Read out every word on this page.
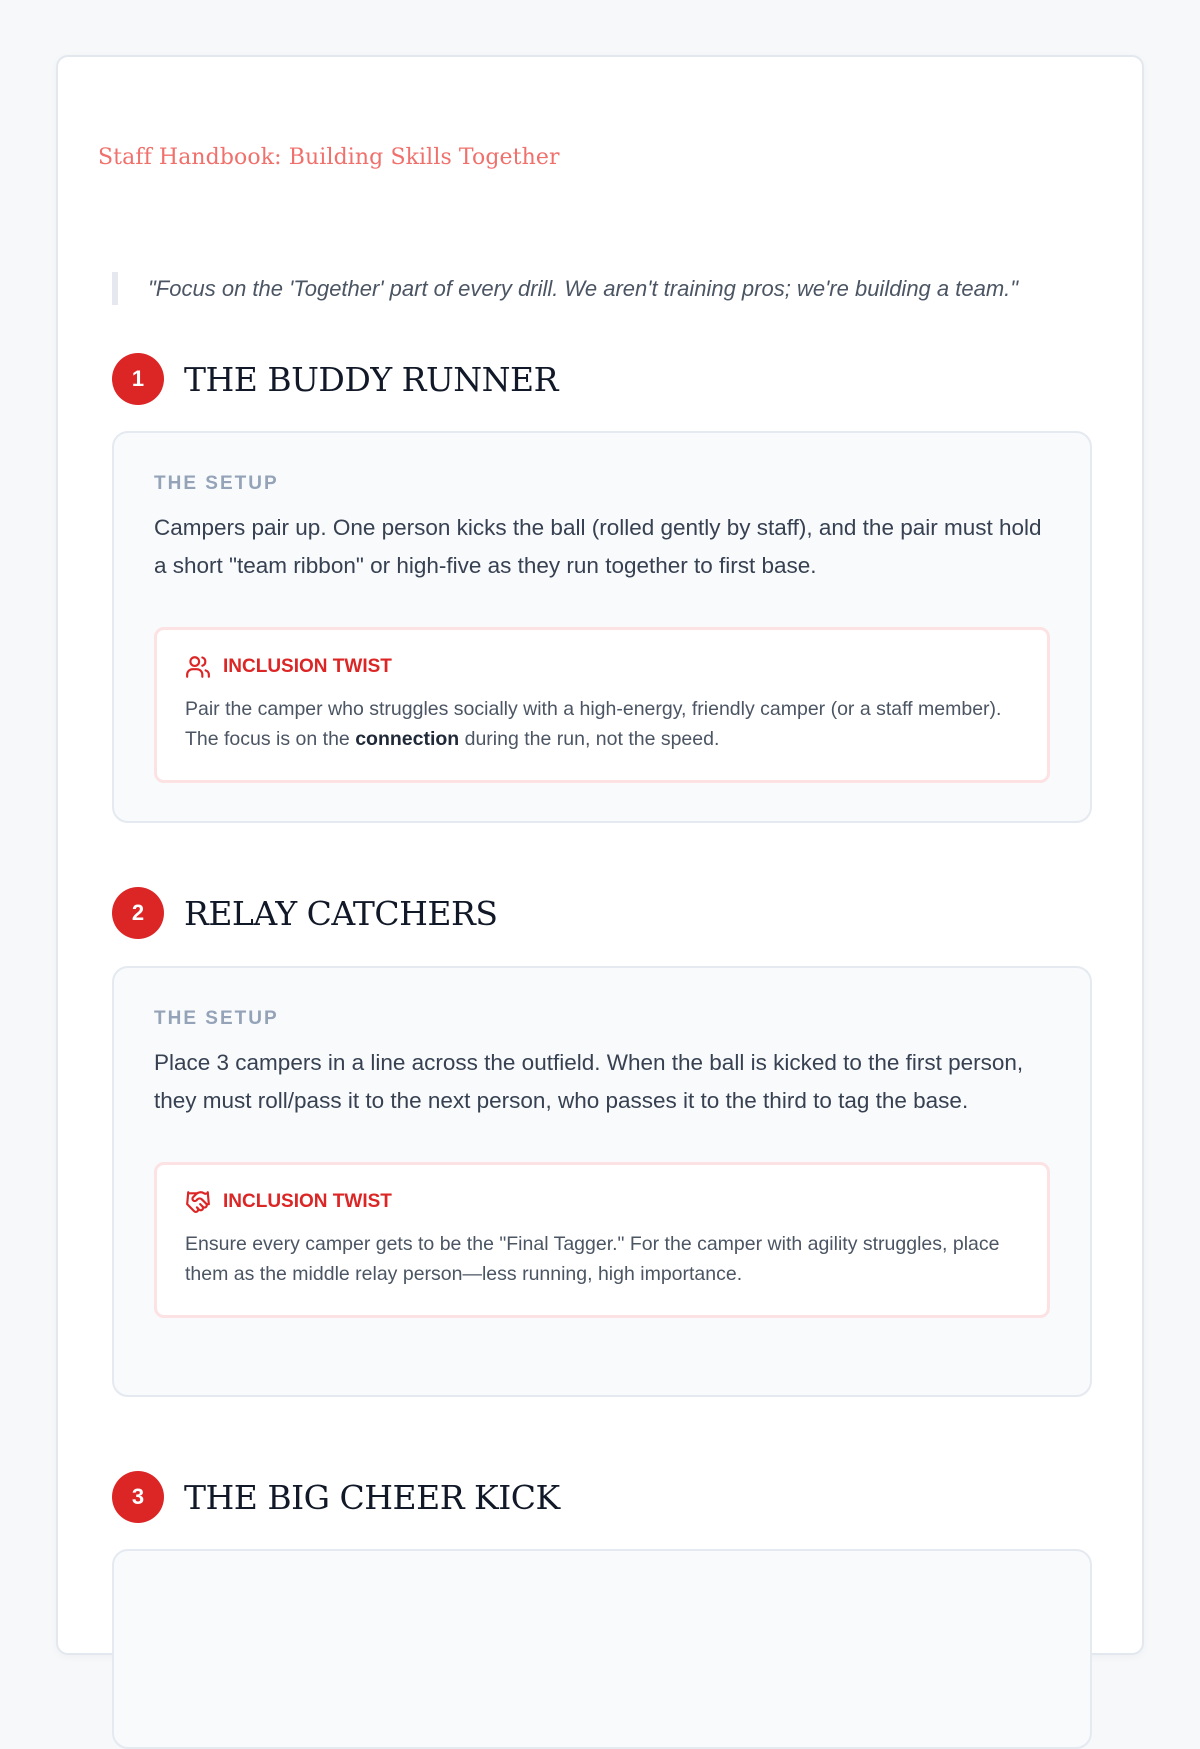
Staff Handbook: Building Skills Together
"Focus on the 'Together' part of every drill. We aren't training pros; we're building a team."
1	THE BUDDY RUNNER
THE SETUP

Campers pair up. One person kicks the ball (rolled gently by staff), and the pair must hold a short "team ribbon" or high-five as they run together to first base.

INCLUSION TWIST

Pair the camper who struggles socially with a high-energy, friendly camper (or a staff member). The focus is on the connection during the run, not the speed.

2	RELAY CATCHERS
THE SETUP

Place 3 campers in a line across the outfield. When the ball is kicked to the first person, they must roll/pass it to the next person, who passes it to the third to tag the base.

INCLUSION TWIST

Ensure every camper gets to be the "Final Tagger." For the camper with agility struggles, place them as the middle relay person—less running, high importance.

3	THE BIG CHEER KICK
